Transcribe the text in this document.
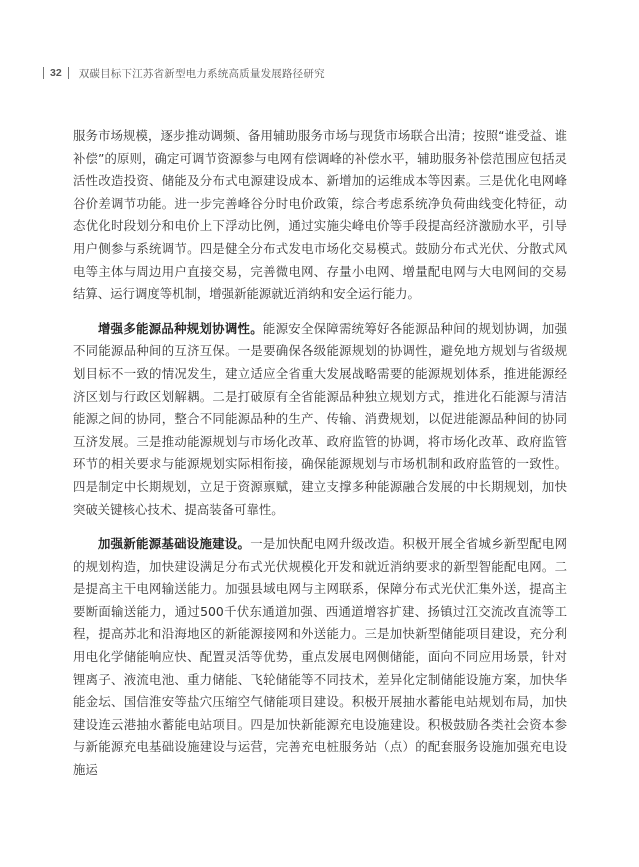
32 双碳目标下江苏省新型电力系统高质量发展路径研究

服务市场规模，逐步推动调频、备用辅助服务市场与现货市场联合出清；按照“谁受益、谁补偿”的原则，确定可调节资源参与电网有偿调峰的补偿水平，辅助服务补偿范围应包括灵活性改造投资、储能及分布式电源建设成本、新增加的运维成本等因素。三是优化电网峰谷价差调节功能。进一步完善峰谷分时电价政策，综合考虑系统净负荷曲线变化特征，动态优化时段划分和电价上下浮动比例，通过实施尖峰电价等手段提高经济激励水平，引导用户侧参与系统调节。四是健全分布式发电市场化交易模式。鼓励分布式光伏、分散式风电等主体与周边用户直接交易，完善微电网、存量小电网、增量配电网与大电网间的交易结算、运行调度等机制，增强新能源就近消纳和安全运行能力。

增强多能源品种规划协调性。能源安全保障需统筹好各能源品种间的规划协调，加强不同能源品种间的互济互保。一是要确保各级能源规划的协调性，避免地方规划与省级规划目标不一致的情况发生，建立适应全省重大发展战略需要的能源规划体系，推进能源经济区划与行政区划解耦。二是打破原有全省能源品种独立规划方式，推进化石能源与清洁能源之间的协同，整合不同能源品种的生产、传输、消费规划，以促进能源品种间的协同互济发展。三是推动能源规划与市场化改革、政府监管的协调，将市场化改革、政府监管环节的相关要求与能源规划实际相衔接，确保能源规划与市场机制和政府监管的一致性。四是制定中长期规划，立足于资源禀赋，建立支撑多种能源融合发展的中长期规划，加快突破关键核心技术、提高装备可靠性。

加强新能源基础设施建设。一是加快配电网升级改造。积极开展全省城乡新型配电网的规划构造，加快建设满足分布式光伏规模化开发和就近消纳要求的新型智能配电网。二是提高主干电网输送能力。加强县域电网与主网联系，保障分布式光伏汇集外送，提高主要断面输送能力，通过500千伏东通道加强、西通道增容扩建、扬镇过江交流改直流等工程，提高苏北和沿海地区的新能源接网和外送能力。三是加快新型储能项目建设，充分利用电化学储能响应快、配置灵活等优势，重点发展电网侧储能，面向不同应用场景，针对锂离子、液流电池、重力储能、飞轮储能等不同技术，差异化定制储能设施方案，加快华能金坛、国信淮安等盐穴压缩空气储能项目建设。积极开展抽水蓄能电站规划布局，加快建设连云港抽水蓄能电站项目。四是加快新能源充电设施建设。积极鼓励各类社会资本参与新能源充电基础设施建设与运营，完善充电桩服务站（点）的配套服务设施加强充电设施运
